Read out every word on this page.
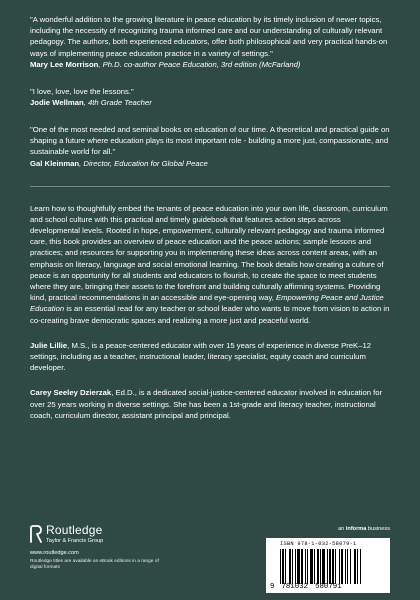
"A wonderful addition to the growing literature in peace education by its timely inclusion of newer topics, including the necessity of recognizing trauma informed care and our understanding of culturally relevant pedagogy. The authors, both experienced educators, offer both philosophical and very practical hands-on ways of implementing peace education practice in a variety of settings."

Mary Lee Morrison, Ph.D. co-author Peace Education, 3rd edition (McFarland)

"I love, love, love the lessons."

Jodie Wellman, 4th Grade Teacher

"One of the most needed and seminal books on education of our time. A theoretical and practical guide on shaping a future where education plays its most important role - building a more just, compassionate, and sustainable world for all."

Gal Kleinman, Director, Education for Global Peace

Learn how to thoughtfully embed the tenants of peace education into your own life, classroom, curriculum and school culture with this practical and timely guidebook that features action steps across developmental levels. Rooted in hope, empowerment, culturally relevant pedagogy and trauma informed care, this book provides an overview of peace education and the peace actions; sample lessons and practices; and resources for supporting you in implementing these ideas across content areas, with an emphasis on literacy, language and social emotional learning. The book details how creating a culture of peace is an opportunity for all students and educators to flourish, to create the space to meet students where they are, bringing their assets to the forefront and building culturally affirming systems. Providing kind, practical recommendations in an accessible and eye-opening way, Empowering Peace and Justice Education is an essential read for any teacher or school leader who wants to move from vision to action in co-creating brave democratic spaces and realizing a more just and peaceful world.

Julie Lillie, M.S., is a peace-centered educator with over 15 years of experience in diverse PreK–12 settings, including as a teacher, instructional leader, literacy specialist, equity coach and curriculum developer.

Carey Seeley Dzierzak, Ed.D., is a dedicated social-justice-centered educator involved in education for over 25 years working in diverse settings. She has been a 1st-grade and literacy teacher, instructional coach, curriculum director, assistant principal and principal.

Routledge
Taylor & Francis Group
www.routledge.com
Routledge titles are available as eBook editions in a range of digital formats
an informa business
ISBN 978-1-032-58079-1
9 781032 580791
